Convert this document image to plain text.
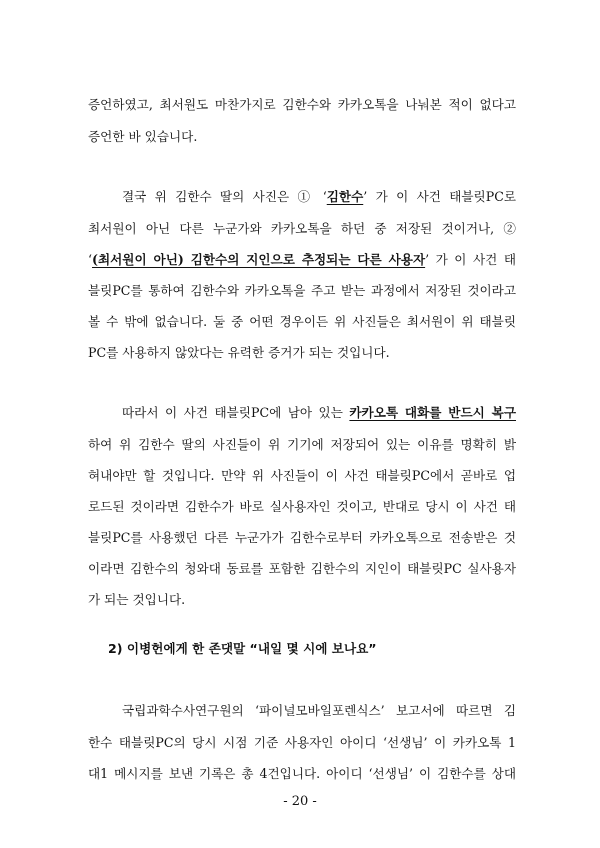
증언하였고, 최서원도 마찬가지로 김한수와 카카오톡을 나눠본 적이 없다고
증언한 바 있습니다.
결국 위 김한수 딸의 사진은 ① ‘김한수’ 가 이 사건 태블릿PC로
최서원이 아닌 다른 누군가와 카카오톡을 하던 중 저장된 것이거나, ②
‘(최서원이 아닌) 김한수의 지인으로 추정되는 다른 사용자’ 가 이 사건 태
블릿PC를 통하여 김한수와 카카오톡을 주고 받는 과정에서 저장된 것이라고
볼 수 밖에 없습니다. 둘 중 어떤 경우이든 위 사진들은 최서원이 위 태블릿
PC를 사용하지 않았다는 유력한 증거가 되는 것입니다.
따라서 이 사건 태블릿PC에 남아 있는 카카오톡 대화를 반드시 복구
하여 위 김한수 딸의 사진들이 위 기기에 저장되어 있는 이유를 명확히 밝
혀내야만 할 것입니다. 만약 위 사진들이 이 사건 태블릿PC에서 곧바로 업
로드된 것이라면 김한수가 바로 실사용자인 것이고, 반대로 당시 이 사건 태
블릿PC를 사용했던 다른 누군가가 김한수로부터 카카오톡으로 전송받은 것
이라면 김한수의 청와대 동료를 포함한 김한수의 지인이 태블릿PC 실사용자
가 되는 것입니다.
2) 이병헌에게 한 존댓말 “내일 몇 시에 보나요”
국립과학수사연구원의 ‘파이널모바일포렌식스’ 보고서에 따르면 김
한수 태블릿PC의 당시 시점 기준 사용자인 아이디 ‘선생님’ 이 카카오톡 1
대1 메시지를 보낸 기록은 총 4건입니다. 아이디 ‘선생님’ 이 김한수를 상대
- 20 -
